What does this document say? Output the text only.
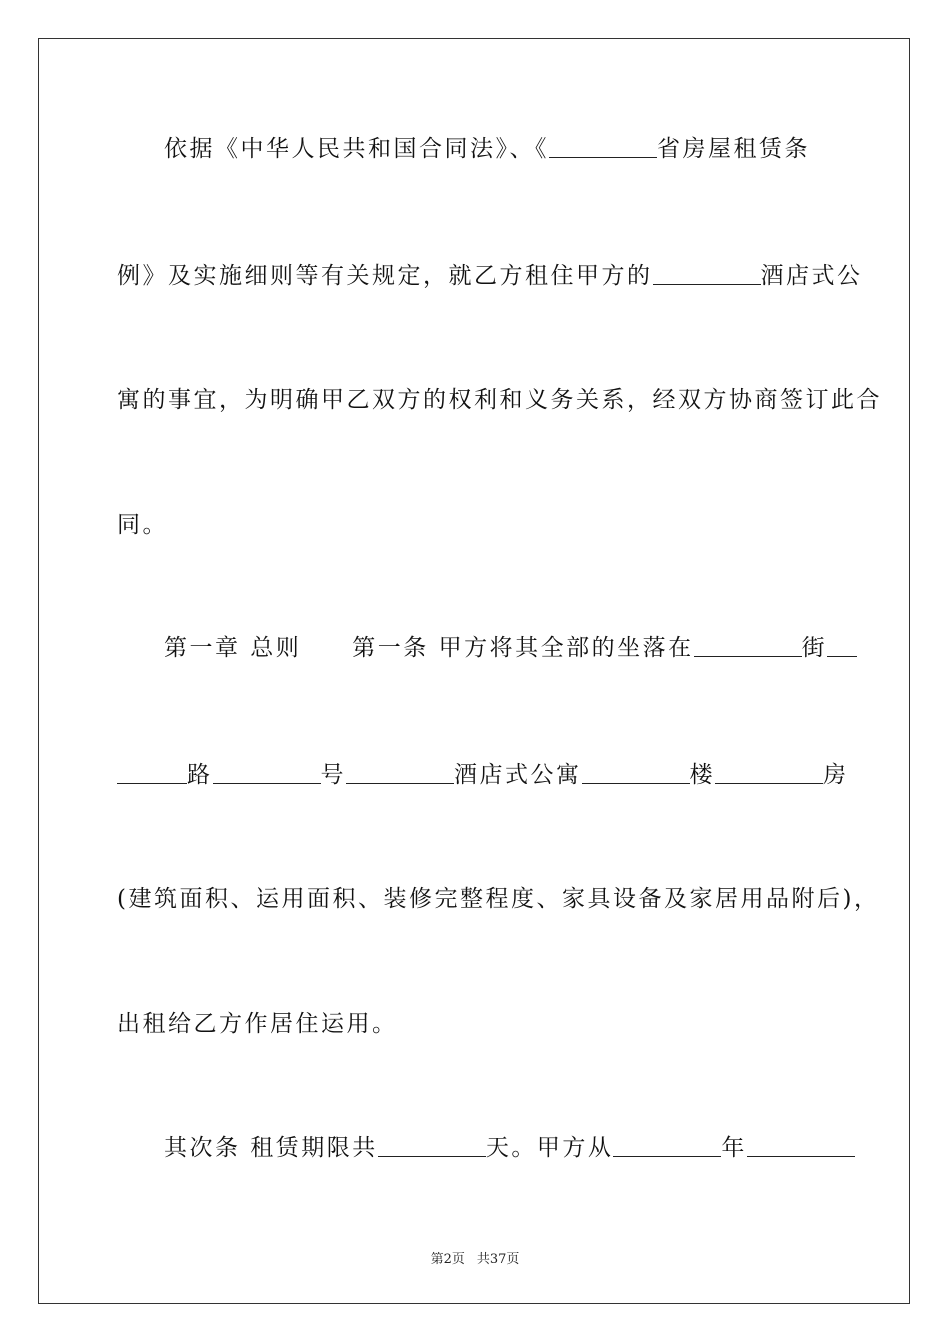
依据《中华人民共和国合同法》、《	省房屋租赁条
例》及实施细则等有关规定，就乙方租住甲方的	酒店式公
寓的事宜，为明确甲乙双方的权利和义务关系，经双方协商签订此合
同。
第一章 总则　　第一条 甲方将其全部的坐落在	街
路	号	酒店式公寓	楼	房
(建筑面积、运用面积、装修完整程度、家具设备及家居用品附后)，
出租给乙方作居住运用。
其次条 租赁期限共	天。甲方从	年
第2页 共37页
